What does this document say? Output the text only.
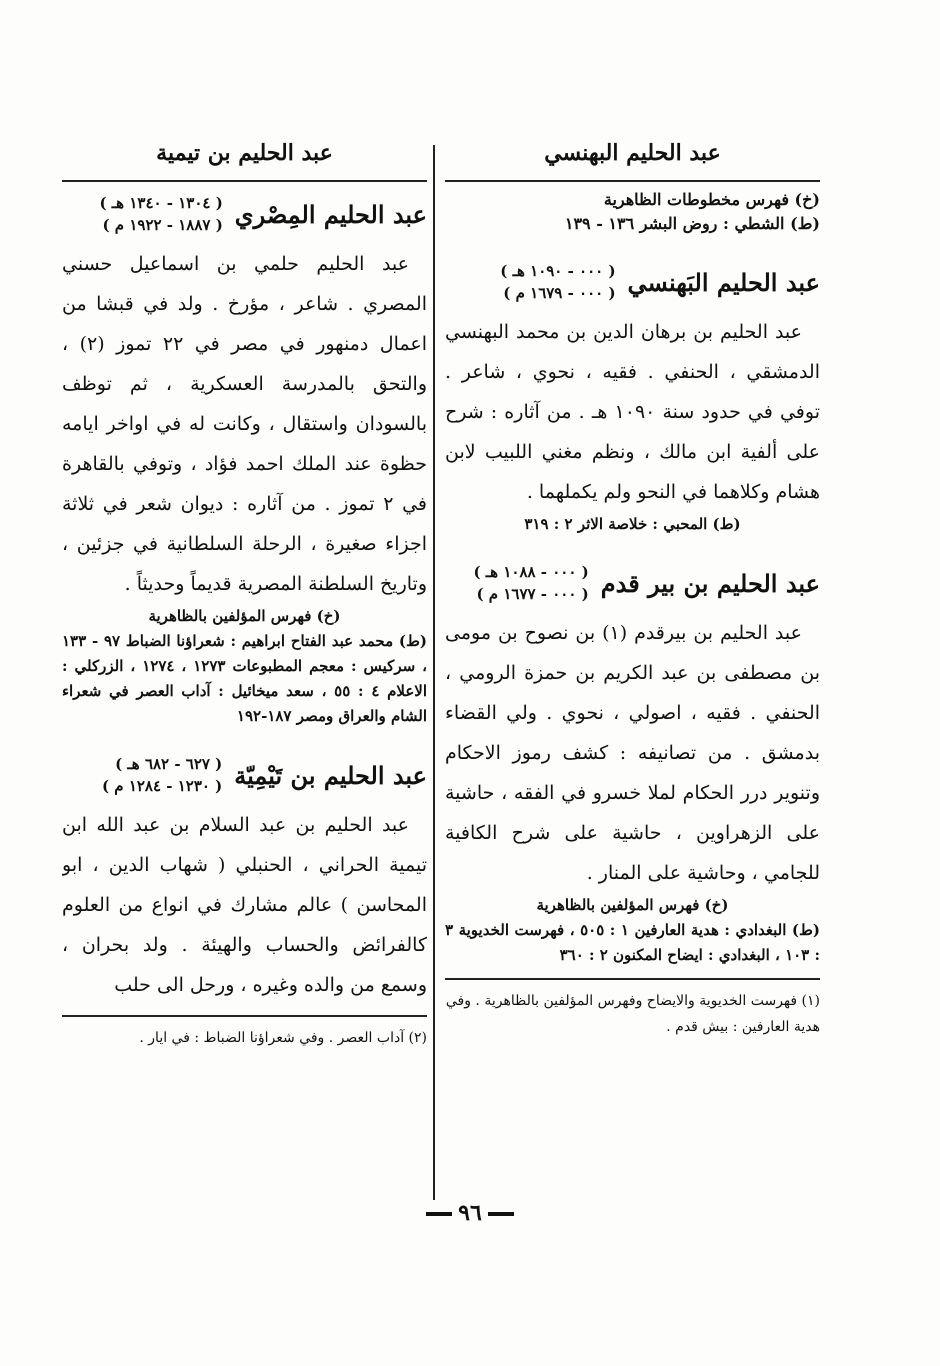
عبد الحليم البهنسي
(خ) فهرس مخطوطات الظاهرية
(ط) الشطي : روض البشر ١٣٦ - ١٣٩
عبد الحليم البَهنسي
( ٠٠٠ - ١٠٩٠ هـ )
( ٠٠٠ - ١٦٧٩ م )
عبد الحليم بن برهان الدين بن محمد البهنسي الدمشقي ، الحنفي . فقيه ، نحوي ، شاعر . توفي في حدود سنة ١٠٩٠ هـ . من آثاره : شرح على ألفية ابن مالك ، ونظم مغني اللبيب لابن هشام وكلاهما في النحو ولم يكملهما .
(ط) المحبي : خلاصة الاثر ٢ : ٣١٩
عبد الحليم بن بير قدم
( ٠٠٠ - ١٠٨٨ هـ )
( ٠٠٠ - ١٦٧٧ م )
عبد الحليم بن بيرقدم (١) بن نصوح بن مومى بن مصطفى بن عبد الكريم بن حمزة الرومي ، الحنفي . فقيه ، اصولي ، نحوي . ولي القضاء بدمشق . من تصانيفه : كشف رموز الاحكام وتنوير درر الحكام لملا خسرو في الفقه ، حاشية على الزهراوين ، حاشية على شرح الكافية للجامي ، وحاشية على المنار .
(خ) فهرس المؤلفين بالظاهرية
(ط) البغدادي : هدية العارفين ١ : ٥٠٥ ، فهرست الخديوية ٣ : ١٠٣ ، البغدادي : ايضاح المكنون ٢ : ٣٦٠
(١) فهرست الخديوية والايضاح وفهرس المؤلفين بالظاهرية . وفي هدية العارفين : بيش قدم .
عبد الحليم بن تيمية
عبد الحليم المِصْري
( ١٣٠٤ - ١٣٤٠ هـ )
( ١٨٨٧ - ١٩٢٢ م )
عبد الحليم حلمي بن اسماعيل حسني المصري . شاعر ، مؤرخ . ولد في قبشا من اعمال دمنهور في مصر في ٢٢ تموز (٢) ، والتحق بالمدرسة العسكرية ، ثم توظف بالسودان واستقال ، وكانت له في اواخر ايامه حظوة عند الملك احمد فؤاد ، وتوفي بالقاهرة في ٢ تموز . من آثاره : ديوان شعر في ثلاثة اجزاء صغيرة ، الرحلة السلطانية في جزئين ، وتاريخ السلطنة المصرية قديماً وحديثاً .
(خ) فهرس المؤلفين بالظاهرية
(ط) محمد عبد الفتاح ابراهيم : شعراؤنا الضباط ٩٧ - ١٣٣ ، سركيس : معجم المطبوعات ١٢٧٣ ، ١٢٧٤ ، الزركلي : الاعلام ٤ : ٥٥ ، سعد ميخائيل : آداب العصر في شعراء الشام والعراق ومصر ١٨٧-١٩٢
عبد الحليم بن تَيْمِيّة
( ٦٢٧ - ٦٨٢ هـ )
( ١٢٣٠ - ١٢٨٤ م )
عبد الحليم بن عبد السلام بن عبد الله ابن تيمية الحراني ، الحنبلي ( شهاب الدين ، ابو المحاسن ) عالم مشارك في انواع من العلوم كالفرائض والحساب والهيئة . ولد بحران ، وسمع من والده وغيره ، ورحل الى حلب
(٢) آداب العصر . وفي شعراؤنا الضباط : في ايار .
٩٦
